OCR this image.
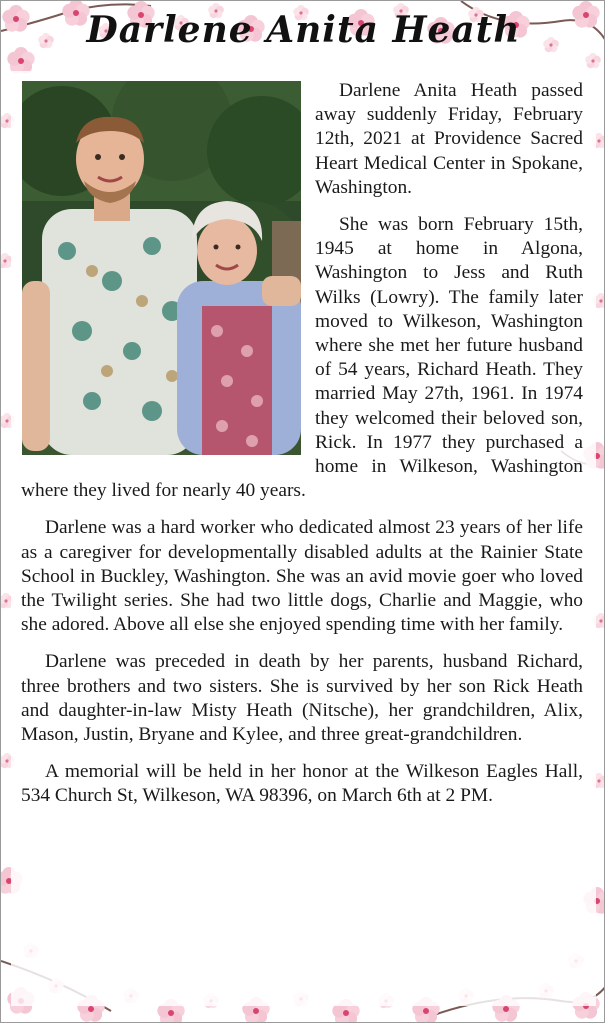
Darlene Anita Heath

Darlene Anita Heath passed away suddenly Friday, February 12th, 2021 at Providence Sacred Heart Medical Center in Spokane, Washington.

She was born February 15th, 1945 at home in Algona, Washington to Jess and Ruth Wilks (Lowry). The family later moved to Wilkeson, Washington where she met her future husband of 54 years, Richard Heath. They married May 27th, 1961. In 1974 they welcomed their beloved son, Rick. In 1977 they purchased a home in Wilkeson, Washington where they lived for nearly 40 years.

Darlene was a hard worker who dedicated almost 23 years of her life as a caregiver for developmentally disabled adults at the Rainier State School in Buckley, Washington. She was an avid movie goer who loved the Twilight series. She had two little dogs, Charlie and Maggie, who she adored. Above all else she enjoyed spending time with her family.

Darlene was preceded in death by her parents, husband Richard, three brothers and two sisters. She is survived by her son Rick Heath and daughter-in-law Misty Heath (Nitsche), her grandchildren, Alix, Mason, Justin, Bryane and Kylee, and three great-grandchildren.

A memorial will be held in her honor at the Wilkeson Eagles Hall, 534 Church St, Wilkeson, WA 98396, on March 6th at 2 PM.
